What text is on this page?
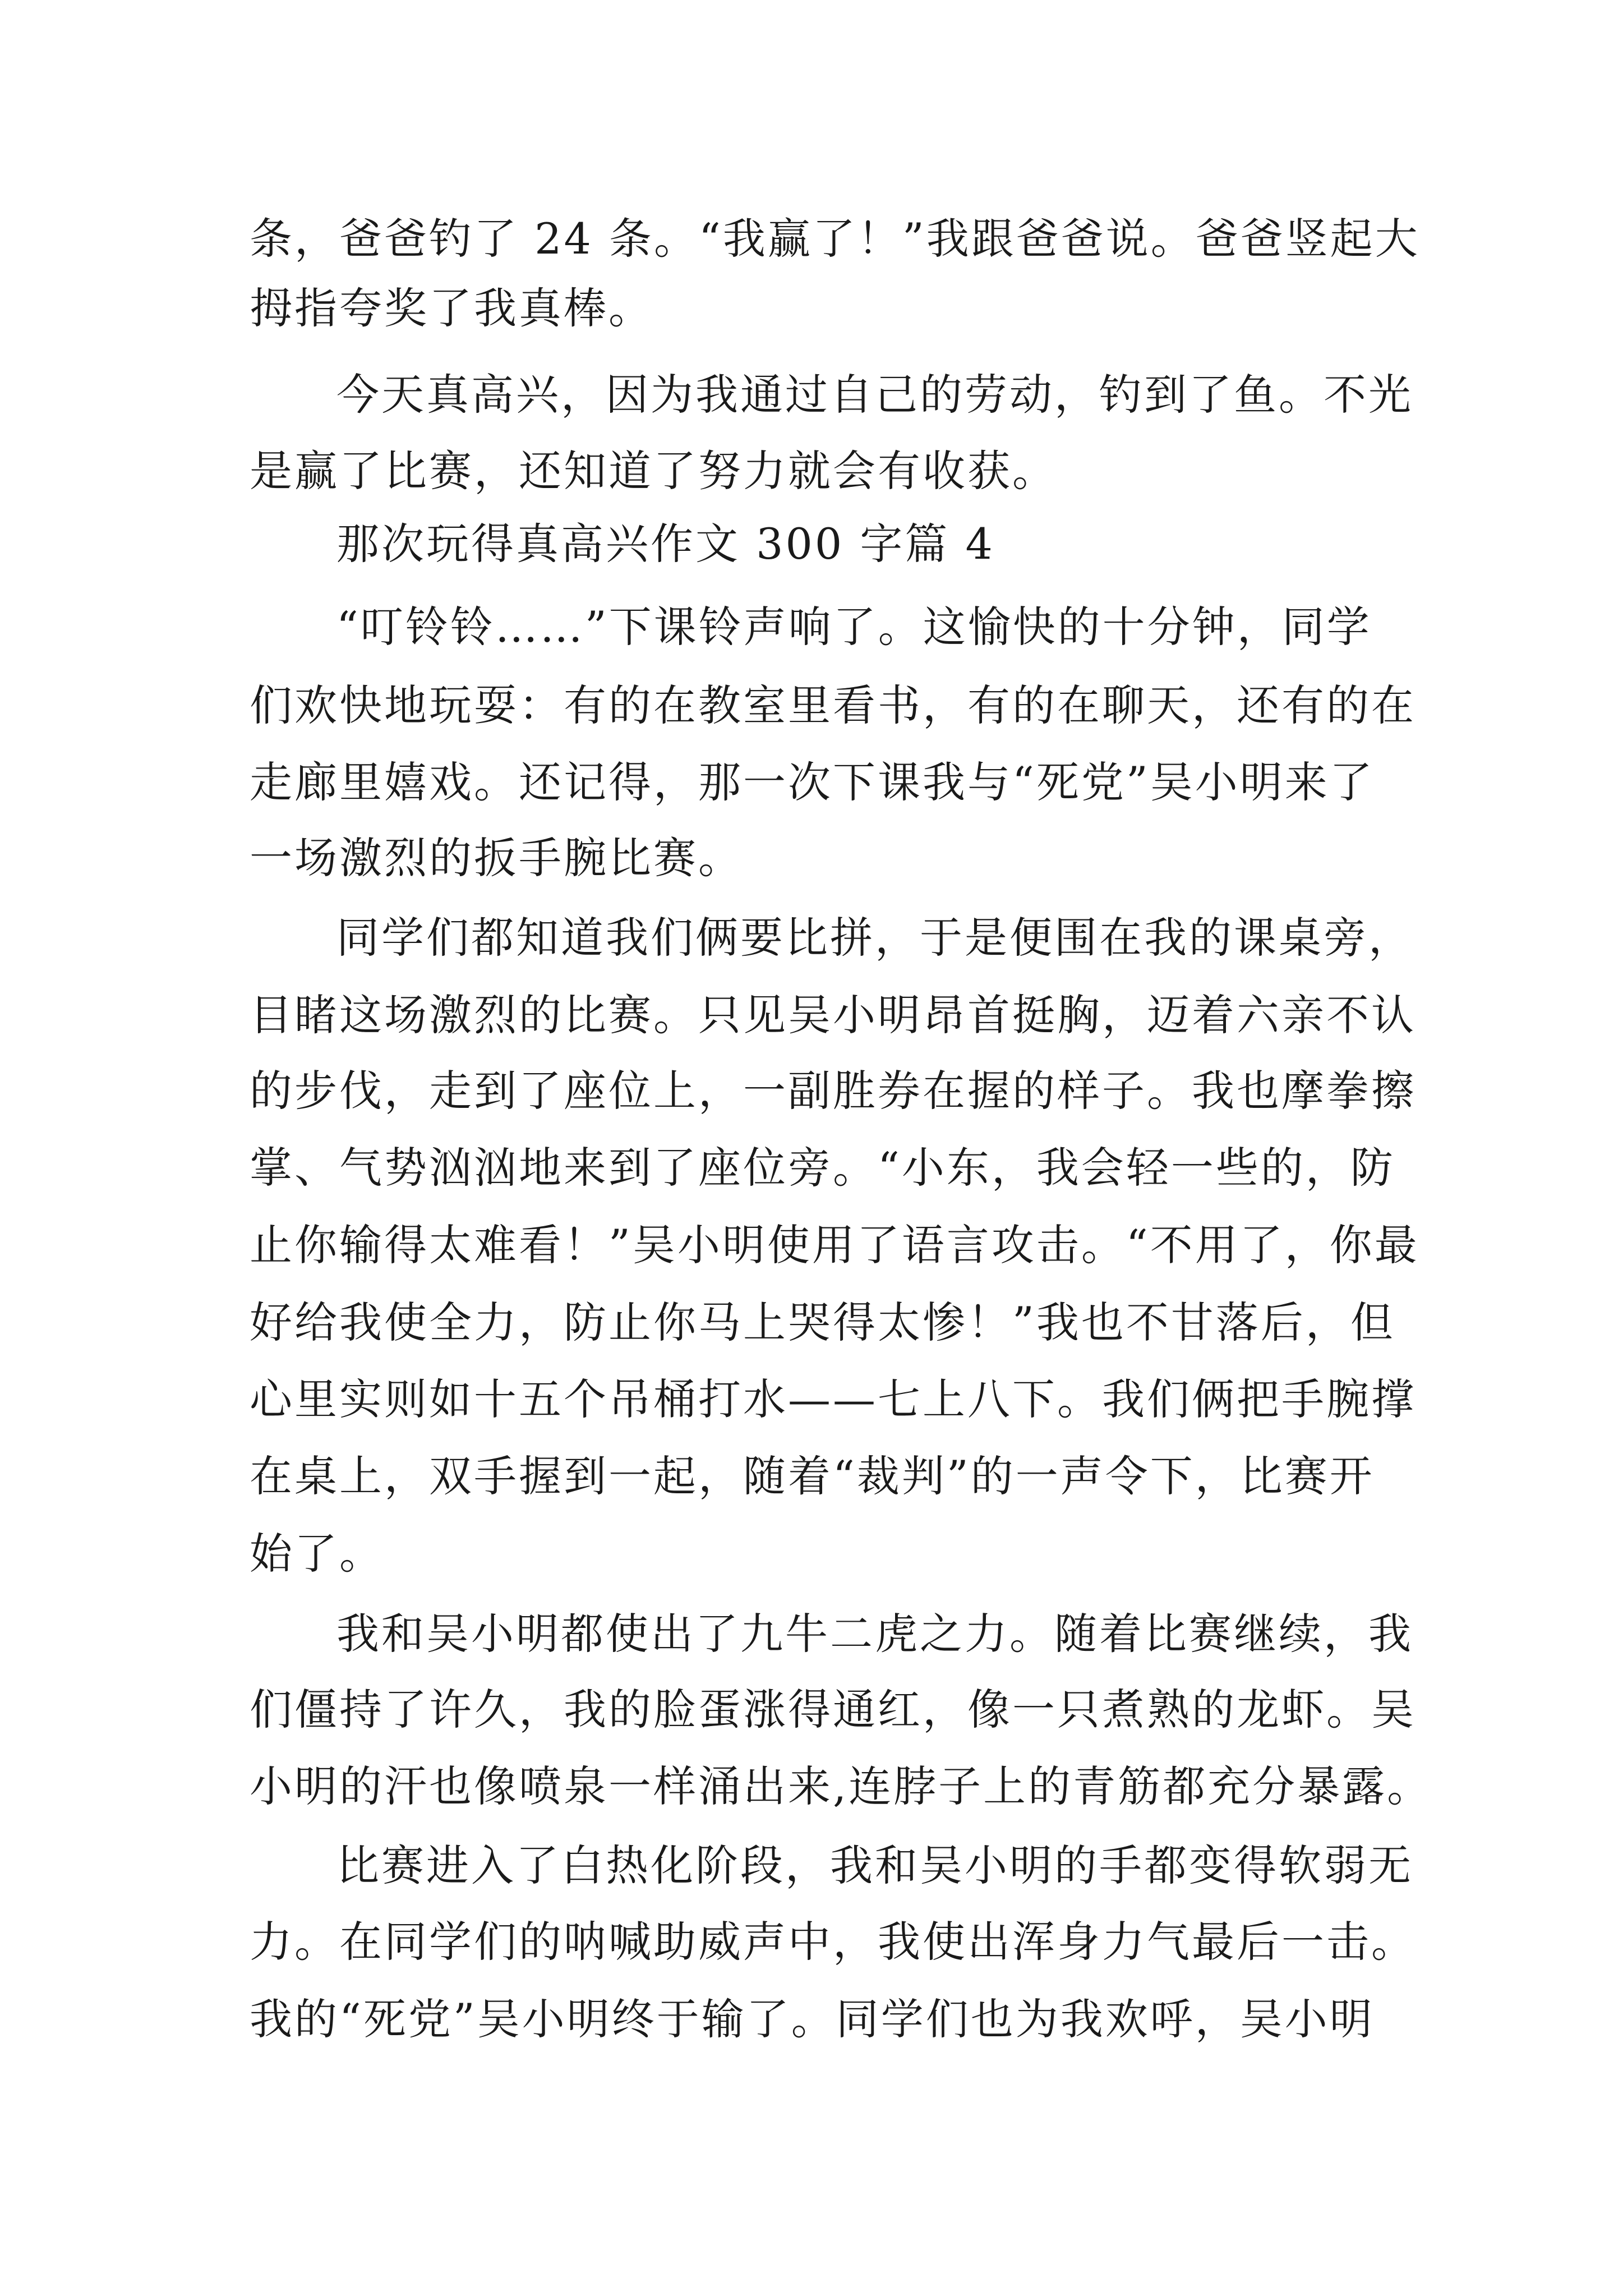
条，爸爸钓了 24 条。“我赢了！”我跟爸爸说。爸爸竖起大
拇指夸奖了我真棒。
今天真高兴，因为我通过自己的劳动，钓到了鱼。不光
是赢了比赛，还知道了努力就会有收获。
那次玩得真高兴作文 300 字篇 4
“叮铃铃……”下课铃声响了。这愉快的十分钟，同学
们欢快地玩耍：有的在教室里看书，有的在聊天，还有的在
走廊里嬉戏。还记得，那一次下课我与“死党”吴小明来了
一场激烈的扳手腕比赛。
同学们都知道我们俩要比拼，于是便围在我的课桌旁，
目睹这场激烈的比赛。只见吴小明昂首挺胸，迈着六亲不认
的步伐，走到了座位上，一副胜券在握的样子。我也摩拳擦
掌、气势汹汹地来到了座位旁。“小东，我会轻一些的，防
止你输得太难看！”吴小明使用了语言攻击。“不用了，你最
好给我使全力，防止你马上哭得太惨！”我也不甘落后，但
心里实则如十五个吊桶打水——七上八下。我们俩把手腕撑
在桌上，双手握到一起，随着“裁判”的一声令下，比赛开
始了。
我和吴小明都使出了九牛二虎之力。随着比赛继续，我
们僵持了许久，我的脸蛋涨得通红，像一只煮熟的龙虾。吴
小明的汗也像喷泉一样涌出来,连脖子上的青筋都充分暴露。
比赛进入了白热化阶段，我和吴小明的手都变得软弱无
力。在同学们的呐喊助威声中，我使出浑身力气最后一击。
我的“死党”吴小明终于输了。同学们也为我欢呼，吴小明
